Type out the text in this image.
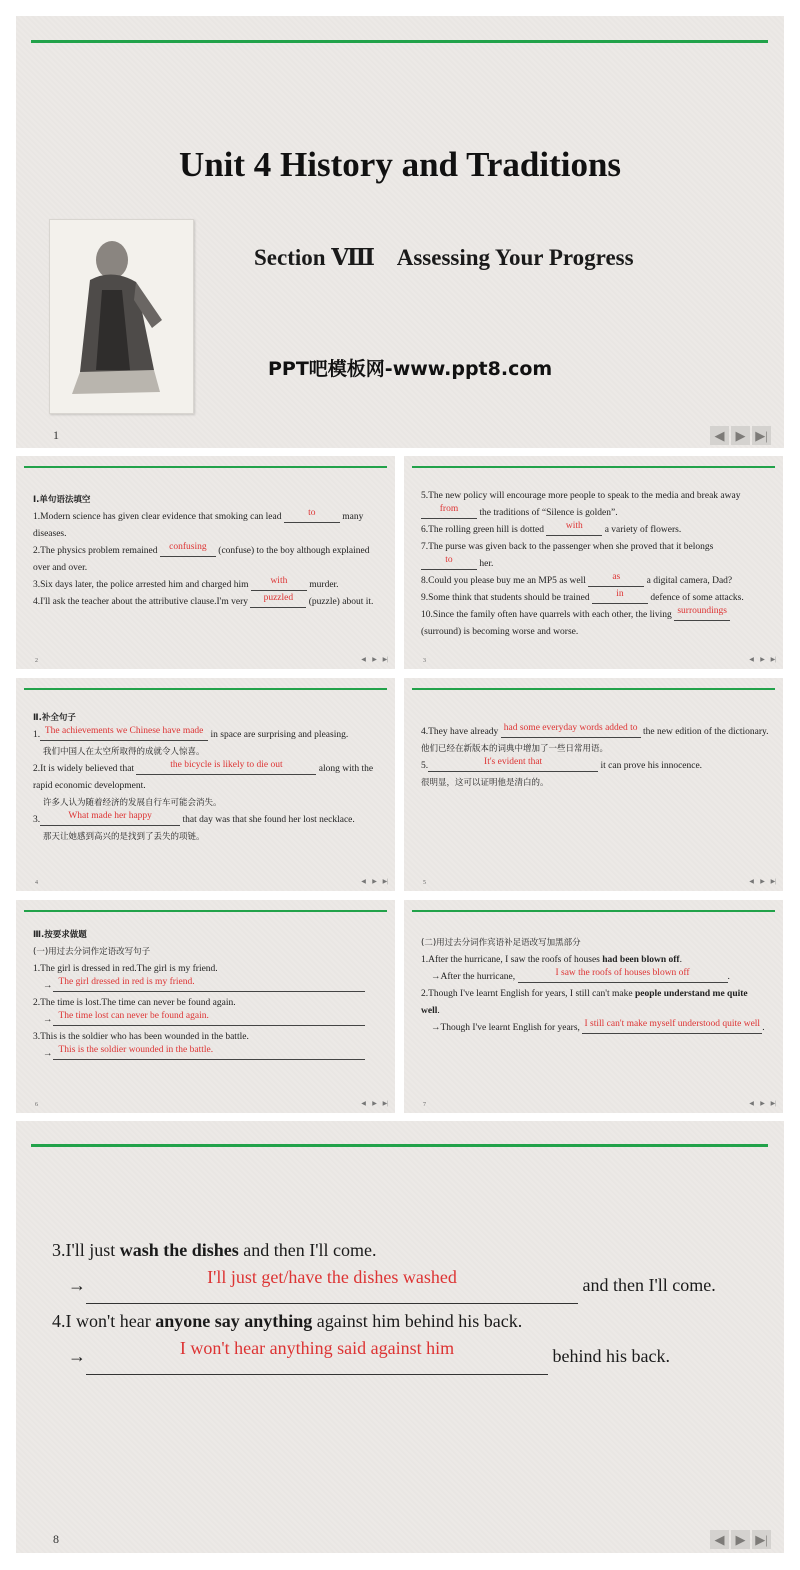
Unit 4 History and Traditions
Section Ⅷ    Assessing Your Progress
PPT吧模板网-www.ppt8.com
1	◀ ▶ ▶|
Ⅰ.单句语法填空
1.Modern science has given clear evidence that smoking can lead	to	many diseases.
2.The physics problem remained confusing (confuse) to the boy although explained over and over.
3.Six days later, the police arrested him and charged him with murder.
4.I'll ask the teacher about the attributive clause.I'm very puzzled (puzzle) about it.
2	◀	▶ ▶|
5.The new policy will encourage more people to speak to the media and break away from the traditions of “Silence is golden”.
6.The rolling green hill is dotted with a variety of flowers.
7.The purse was given back to the passenger when she proved that it belongs to	her.
8.Could you please buy me an MP5 as well	as	a digital camera, Dad?
9.Some think that students should be trained	in	defence of some attacks.
10.Since the family often have quarrels with each other, the living surroundings (surround) is becoming worse and worse.
3	◀	▶ ▶|
Ⅱ.补全句子
1. The achievements we Chinese have made in space are surprising and pleasing.
我们中国人在太空所取得的成就令人惊喜。
2.It is widely believed that	the bicycle is likely to die out	along with the rapid economic development.
许多人认为随着经济的发展自行车可能会消失。
3.	What made her happy	that day was that she found her lost necklace.
那天让她感到高兴的是找到了丢失的项链。
4	◀	▶ ▶|
4.They have already had some everyday words added to the new edition of the dictionary.
他们已经在新版本的词典中增加了一些日常用语。
5.	It's evident that	it can prove his innocence.
很明显，这可以证明他是清白的。
5	◀	▶ ▶|
Ⅲ.按要求做题
(一)用过去分词作定语改写句子
1.The girl is dressed in red.The girl is my friend.
→ The girl dressed in red is my friend.
2.The time is lost.The time can never be found again.
→ The time lost can never be found again.
3.This is the soldier who has been wounded in the battle.
→ This is the soldier wounded in the battle.
6	◀	▶ ▶|
(二)用过去分词作宾语补足语改写加黑部分
1.After the hurricane, I saw the roofs of houses had been blown off.
→After the hurricane,	I saw the roofs of houses blown off	.
2.Though I've learnt English for years, I still can't make people understand me quite well.
→Though I've learnt English for years, I still can't make myself understood quite well .
7	◀	▶ ▶|
3.I'll just wash the dishes and then I'll come.
→	I'll just get/have the dishes washed	and then I'll come.
4.I won't hear anyone say anything against him behind his back.
→	I won't hear anything said against him	behind his back.
8	◀ ▶ ▶|
